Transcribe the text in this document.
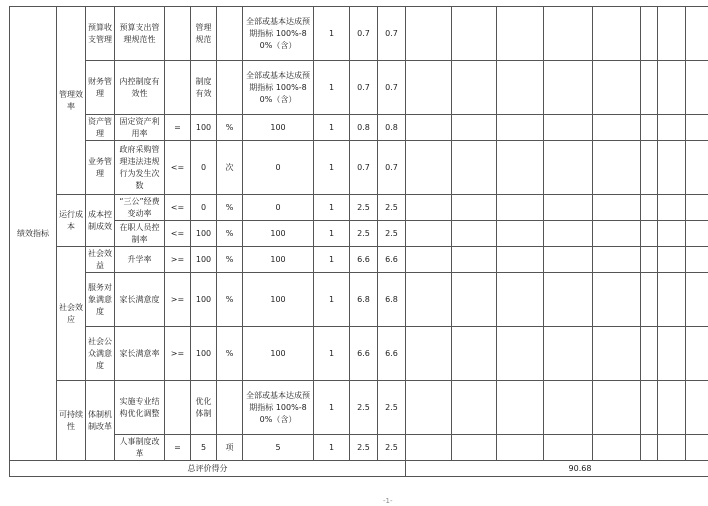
绩效指标	管理效率	预算收支管理	预算支出管理规范性		管理规范		全部或基本达成预期指标 100%-80%（含）	1	0.7	0.7									
		财务管理	内控制度有效性		制度有效		全部或基本达成预期指标 100%-80%（含）	1	0.7	0.7									
		资产管理	固定资产利用率	=	100	%	100	1	0.8	0.8									
		业务管理	政府采购管理违法违规行为发生次数	<=	0	次	0	1	0.7	0.7									
	运行成本	成本控制成效	“三公”经费变动率	<=	0	%	0	1	2.5	2.5									
			在职人员控制率	<=	100	%	100	1	2.5	2.5									
	社会效应	社会效益	升学率	>=	100	%	100	1	6.6	6.6									
		服务对象满意度	家长满意度	>=	100	%	100	1	6.8	6.8									
		社会公众满意度	家长满意率	>=	100	%	100	1	6.6	6.6									
	可持续性	体制机制改革	实施专业结构优化调整		优化体制		全部或基本达成预期指标 100%-80%（含）	1	2.5	2.5									
			人事制度改革	=	5	项	5	1	2.5	2.5									
总评价得分											90.68								
-1-
